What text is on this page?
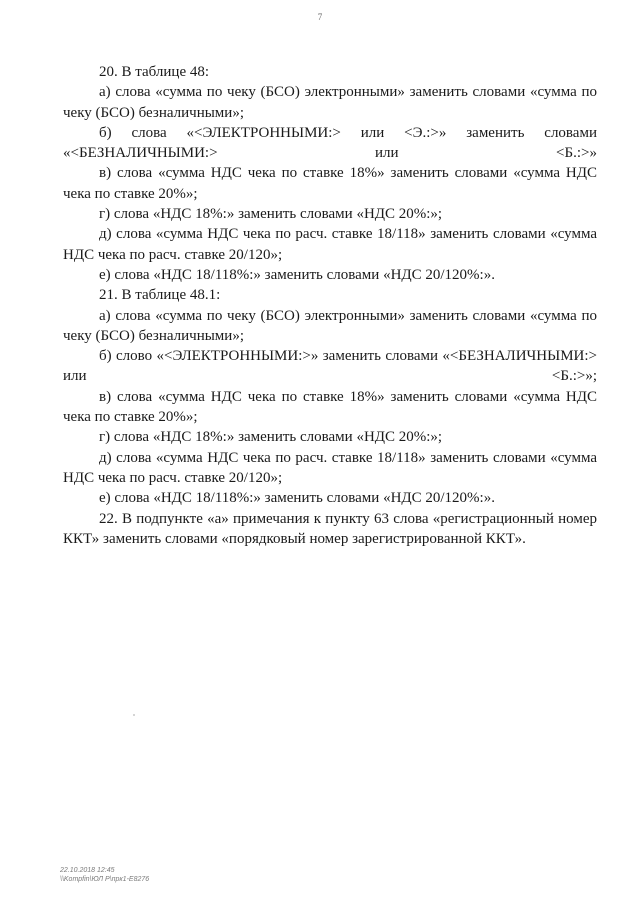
7

20. В таблице 48:

а) слова «сумма по чеку (БСО) электронными» заменить словами «сумма по чеку (БСО) безналичными»;

б) слова «<ЭЛЕКТРОННЫМИ:> или <Э.:>» заменить словами «<БЕЗНАЛИЧНЫМИ:> или <Б.:>»

в) слова «сумма НДС чека по ставке 18%» заменить словами «сумма НДС чека по ставке 20%»;

г) слова «НДС 18%:» заменить словами «НДС 20%:»;

д) слова «сумма НДС чека по расч. ставке 18/118» заменить словами «сумма НДС чека по расч. ставке 20/120»;

е) слова «НДС 18/118%:» заменить словами «НДС 20/120%:».

21. В таблице 48.1:

а) слова «сумма по чеку (БСО) электронными» заменить словами «сумма по чеку (БСО) безналичными»;

б) слово «<ЭЛЕКТРОННЫМИ:>» заменить словами «<БЕЗНАЛИЧНЫМИ:> или <Б.:>»;

в) слова «сумма НДС чека по ставке 18%» заменить словами «сумма НДС чека по ставке 20%»;

г) слова «НДС 18%:» заменить словами «НДС 20%:»;

д) слова «сумма НДС чека по расч. ставке 18/118» заменить словами «сумма НДС чека по расч. ставке 20/120»;

е) слова «НДС 18/118%:» заменить словами «НДС 20/120%:».

22. В подпункте «а» примечания к пункту 63 слова «регистрационный номер ККТ» заменить словами «порядковый номер зарегистрированной ККТ».

22.10.2018 12:45
\\Kompfin\ЮЛ Р\прк1-Е8276
